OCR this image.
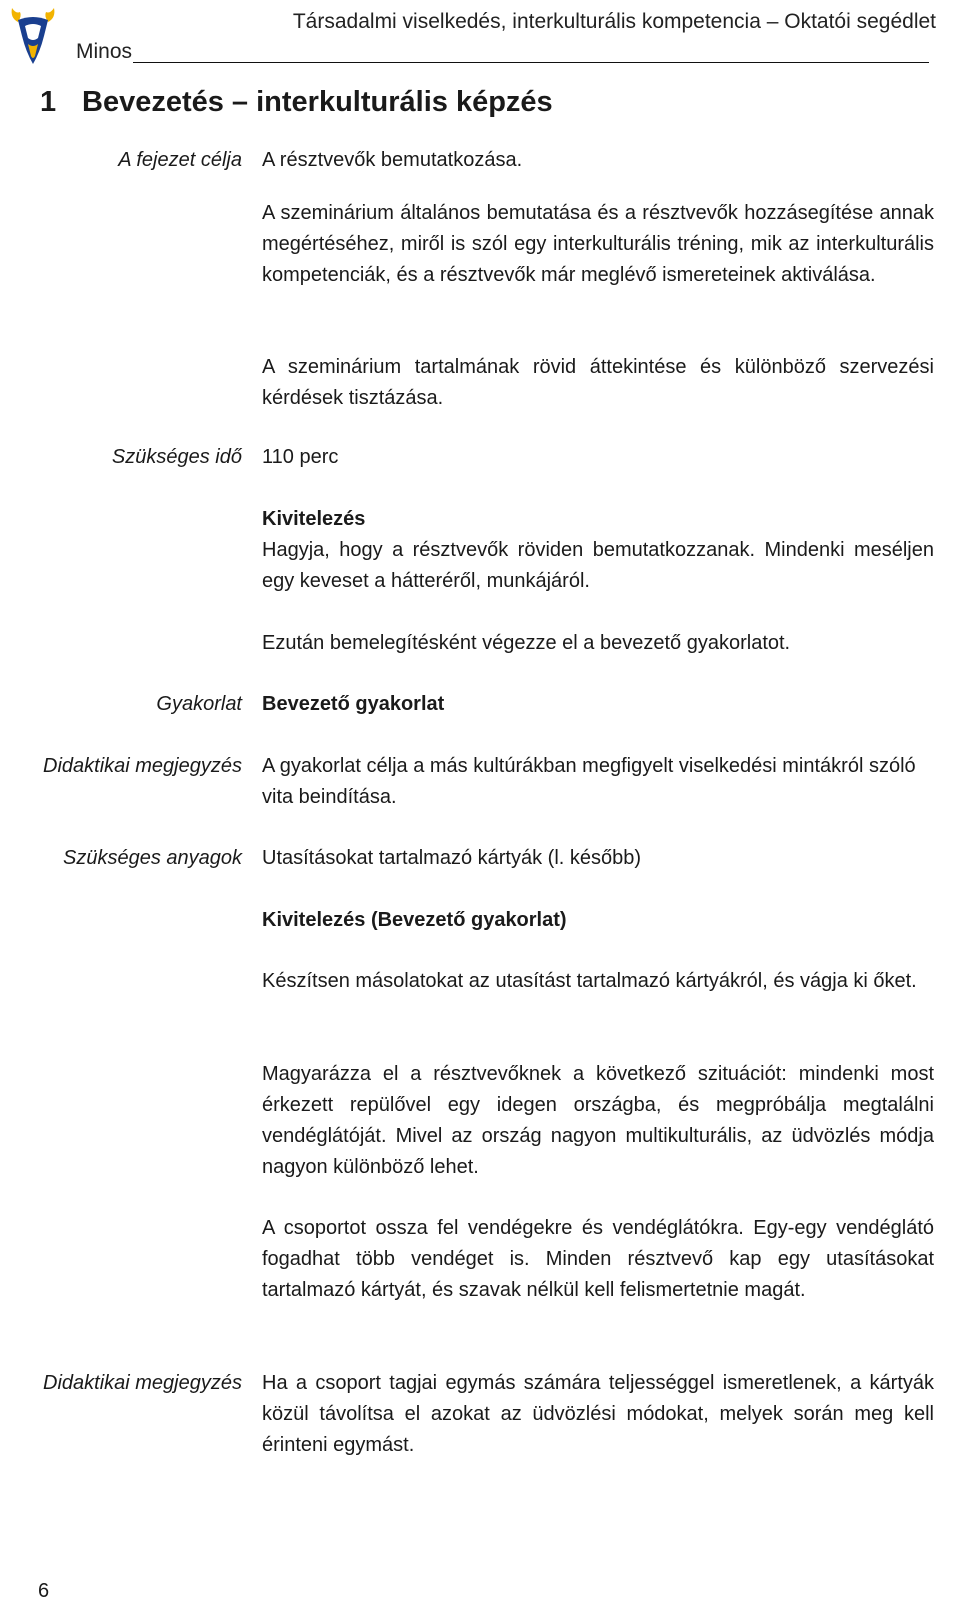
Társadalmi viselkedés, interkulturális kompetencia – Oktatói segédlet
Minos
1 Bevezetés – interkulturális képzés
A fejezet célja A résztvevők bemutatkozása.

A szeminárium általános bemutatása és a résztvevők hozzásegítése annak megértéséhez, miről is szól egy interkulturális tréning, mik az interkulturális kompetenciák, és a résztvevők már meglévő ismereteinek aktiválása.

A szeminárium tartalmának rövid áttekintése és különböző szervezési kérdések tisztázása.

Szükséges idő 110 perc

Kivitelezés

Hagyja, hogy a résztvevők röviden bemutatkozzanak. Mindenki meséljen egy keveset a hátteréről, munkájáról.

Ezután bemelegítésként végezze el a bevezető gyakorlatot.

Gyakorlat Bevezető gyakorlat

Didaktikai megjegyzés A gyakorlat célja a más kultúrákban megfigyelt viselkedési mintákról szóló vita beindítása.

Szükséges anyagok Utasításokat tartalmazó kártyák (l. később)

Kivitelezés (Bevezető gyakorlat)

Készítsen másolatokat az utasítást tartalmazó kártyákról, és vágja ki őket.

Magyarázza el a résztvevőknek a következő szituációt: mindenki most érkezett repülővel egy idegen országba, és megpróbálja megtalálni vendéglátóját. Mivel az ország nagyon multikulturális, az üdvözlés módja nagyon különböző lehet.

A csoportot ossza fel vendégekre és vendéglátókra. Egy-egy vendéglátó fogadhat több vendéget is. Minden résztvevő kap egy utasításokat tartalmazó kártyát, és szavak nélkül kell felismertetnie magát.

Didaktikai megjegyzés Ha a csoport tagjai egymás számára teljességgel ismeretlenek, a kártyák közül távolítsa el azokat az üdvözlési módokat, melyek során meg kell érinteni egymást.

6
